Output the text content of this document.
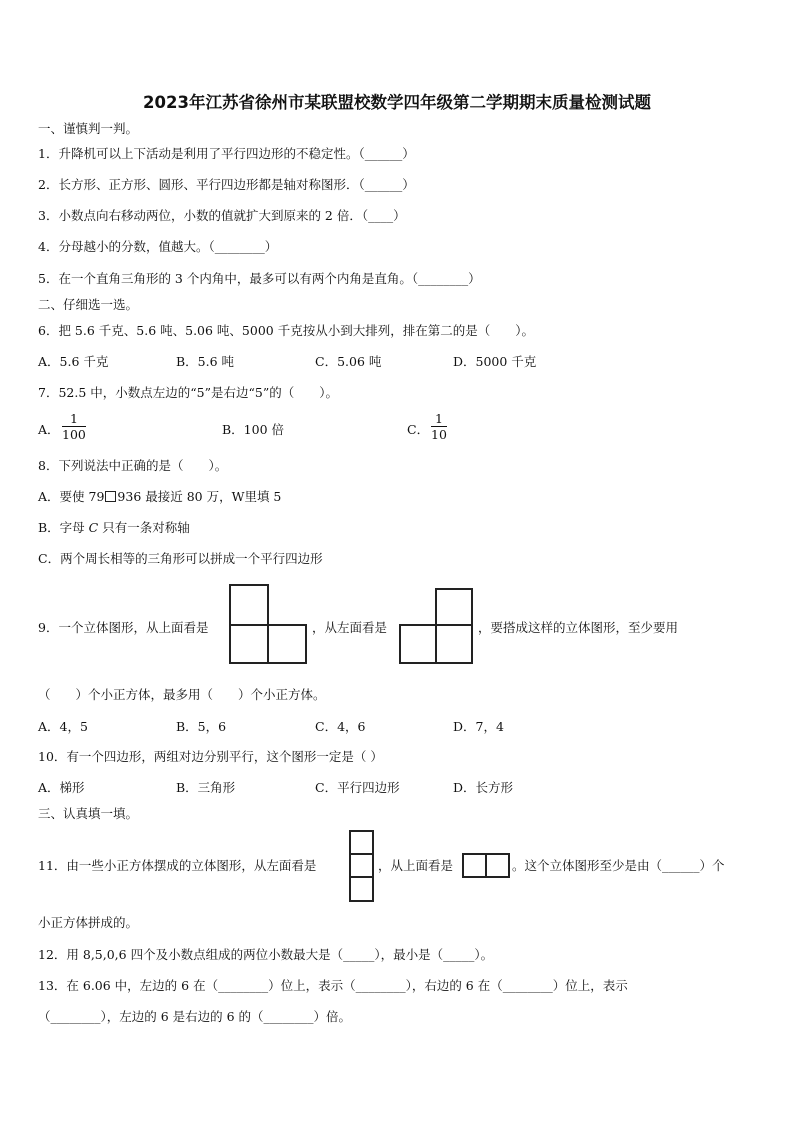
2023年江苏省徐州市某联盟校数学四年级第二学期期末质量检测试题
一、谨慎判一判。
1．升降机可以上下活动是利用了平行四边形的不稳定性。（______）
2．长方形、正方形、圆形、平行四边形都是轴对称图形．（______）
3．小数点向右移动两位，小数的值就扩大到原来的 2 倍．（____）
4．分母越小的分数，值越大。（________）
5．在一个直角三角形的 3 个内角中，最多可以有两个内角是直角。（________）
二、仔细选一选。
6．把 5.6 千克、5.6 吨、5.06 吨、5000 千克按从小到大排列，排在第二的是（　　）。
A．5.6 千克	B．5.6 吨	C．5.06 吨	D．5000 千克
7．52.5 中，小数点左边的“5”是右边“5”的（　　）。
A． $\frac{1}{100}$	B．100 倍	C． $\frac{1}{10}$
8．下列说法中正确的是（　　）。
A．要使 79 936 最接近 80 万，W里填 5
B．字母 C 只有一条对称轴
C．两个周长相等的三角形可以拼成一个平行四边形
9．一个立体图形，从上面看是	，从左面看是	，要搭成这样的立体图形，至少要用
（　　）个小正方体，最多用（　　）个小正方体。
A．4，5	B．5，6	C．4，6	D．7，4
10．有一个四边形，两组对边分别平行，这个图形一定是（ ）
A．梯形	B．三角形	C．平行四边形	D．长方形
三、认真填一填。
11．由一些小正方体摆成的立体图形，从左面看是	，从上面看是	。这个立体图形至少是由（______）个
小正方体拼成的。
12．用 8,5,0,6 四个及小数点组成的两位小数最大是（_____），最小是（_____）。
13．在 6.06 中，左边的 6 在（________）位上，表示（________），右边的 6 在（________）位上，表示
（________），左边的 6 是右边的 6 的（________）倍。
